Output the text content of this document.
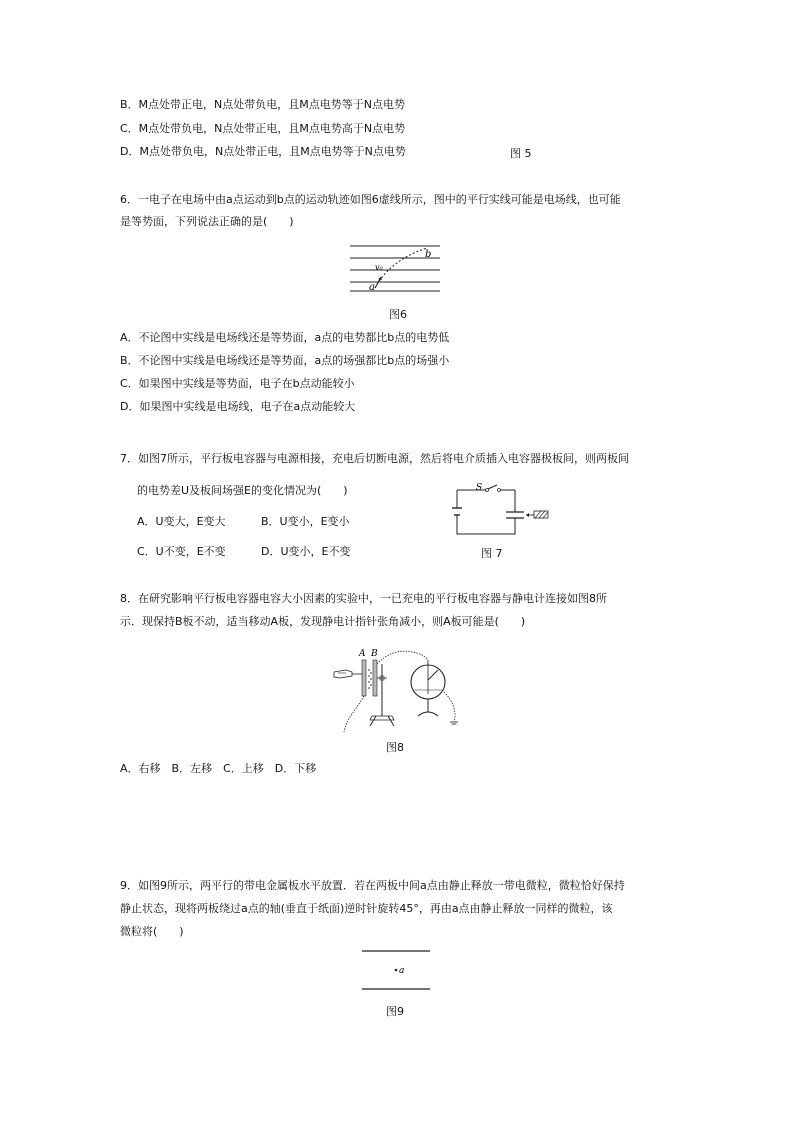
B．M点处带正电，N点处带负电，且M点电势等于N点电势
C．M点处带负电，N点处带正电，且M点电势高于N点电势
D．M点处带负电，N点处带正电，且M点电势等于N点电势	图 5
6．一电子在电场中由a点运动到b点的运动轨迹如图6虚线所示，图中的平行实线可能是电场线，也可能
是等势面，下列说法正确的是(　　)
b
v₀
a
图6
A．不论图中实线是电场线还是等势面，a点的电势都比b点的电势低
B．不论图中实线是电场线还是等势面，a点的场强都比b点的场强小
C．如果图中实线是等势面，电子在b点动能较小
D．如果图中实线是电场线，电子在a点动能较大
7．如图7所示，平行板电容器与电源相接，充电后切断电源，然后将电介质插入电容器极板间，则两板间
的电势差U及板间场强E的变化情况为(　　)
A．U变大，E变大	B．U变小，E变小
C．U不变，E不变	D．U变小，E不变
S
图 7
8．在研究影响平行板电容器电容大小因素的实验中，一已充电的平行板电容器与静电计连接如图8所
示．现保持B板不动，适当移动A板，发现静电计指针张角减小，则A板可能是(　　)
A B
图8
A．右移　B．左移　C．上移　D．下移
9．如图9所示，两平行的带电金属板水平放置．若在两板中间a点由静止释放一带电微粒，微粒恰好保持
静止状态，现将两板绕过a点的轴(垂直于纸面)逆时针旋转45°，再由a点由静止释放一同样的微粒，该
微粒将(　　)
a
图9
